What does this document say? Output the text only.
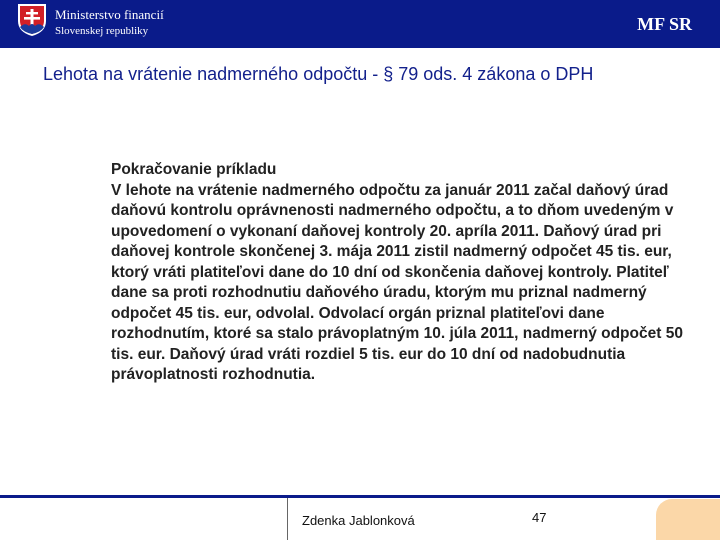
Ministerstvo financií
Slovenskej republiky	MF SR
Lehota na vrátenie nadmerného odpočtu - § 79 ods. 4 zákona o DPH

Pokračovanie príkladu

V lehote na vrátenie nadmerného odpočtu za január 2011 začal daňový úrad daňovú kontrolu oprávnenosti nadmerného odpočtu, a to dňom uvedeným v upovedomení o vykonaní daňovej kontroly 20. apríla 2011. Daňový úrad pri daňovej kontrole skončenej 3. mája 2011 zistil nadmerný odpočet 45 tis. eur, ktorý vráti platiteľovi dane do 10 dní od skončenia daňovej kontroly. Platiteľ dane sa proti rozhodnutiu daňového úradu, ktorým mu priznal nadmerný odpočet 45 tis. eur, odvolal. Odvolací orgán priznal platiteľovi dane rozhodnutím, ktoré sa stalo právoplatným 10. júla 2011, nadmerný odpočet 50 tis. eur. Daňový úrad vráti rozdiel 5 tis. eur do 10 dní od nadobudnutia právoplatnosti rozhodnutia.

Zdenka Jablonková	47
